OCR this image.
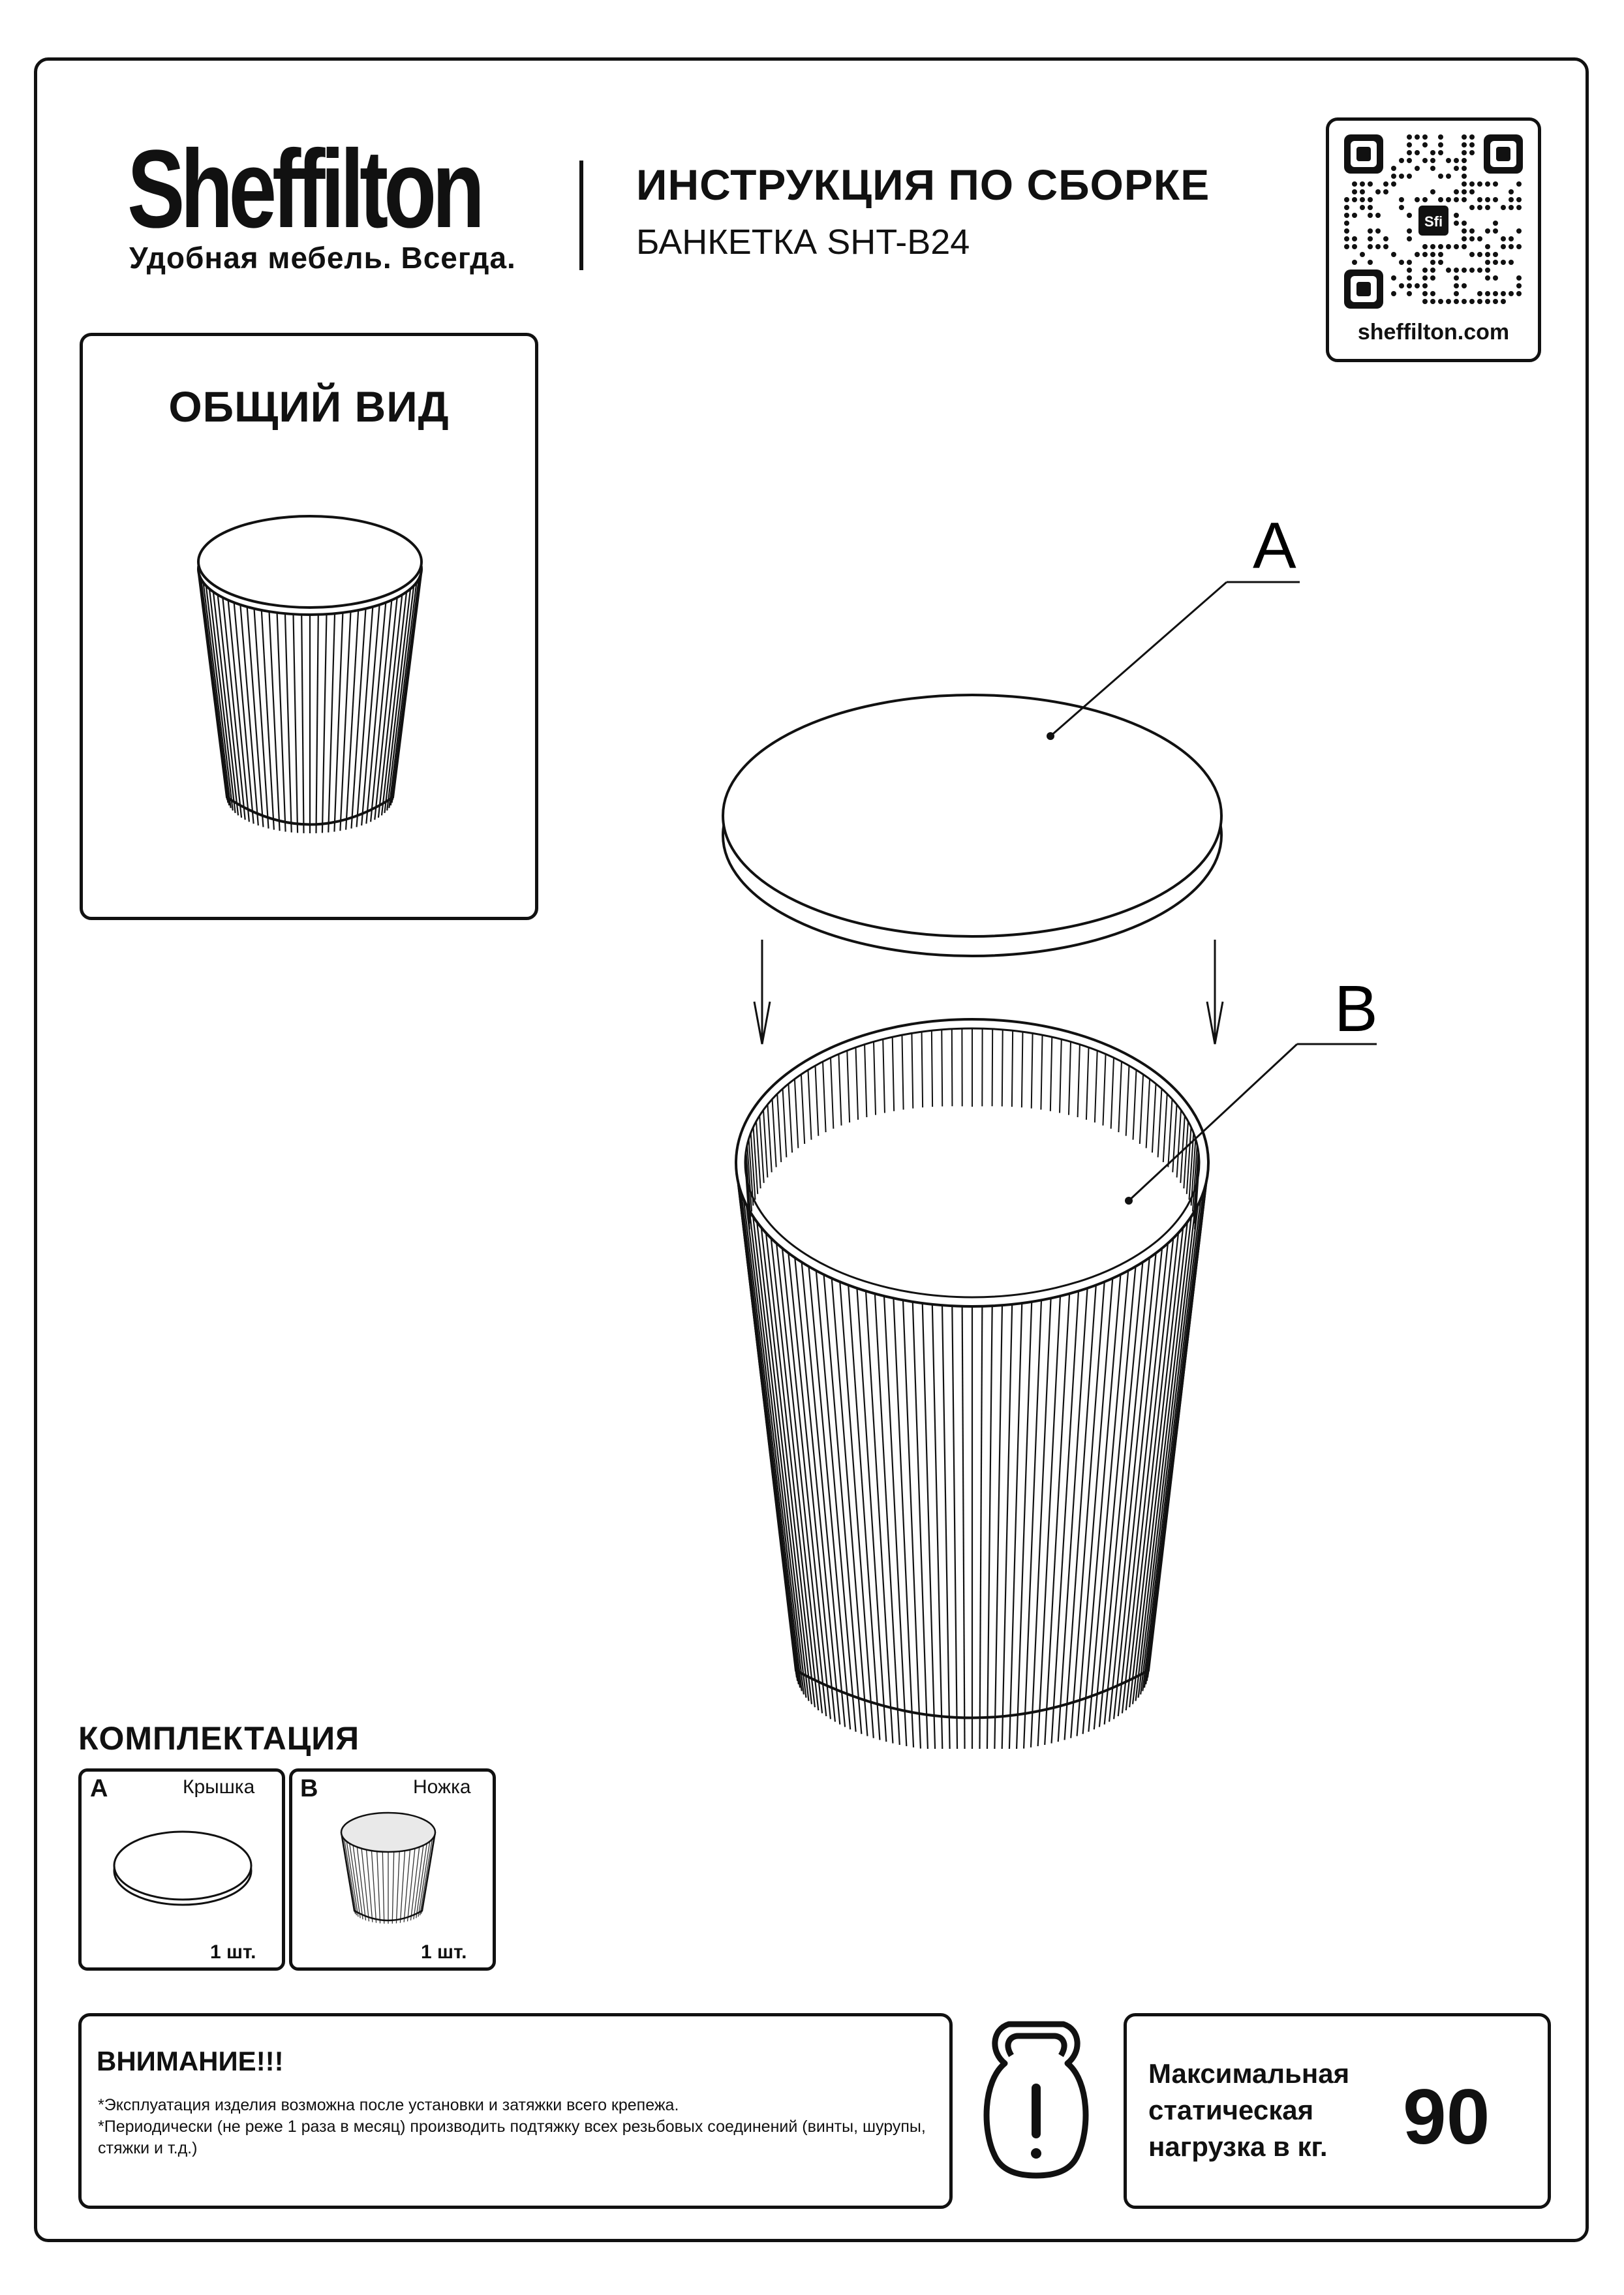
Sheffilton
Удобная мебель. Всегда.
ИНСТРУКЦИЯ ПО СБОРКЕ
БАНКЕТКА SHT-B24
Sfi
sheffilton.com
ОБЩИЙ ВИД
A
B
КОМПЛЕКТАЦИЯ
A	Крышка
1 шт.
B	Ножка
1 шт.
ВНИМАНИЕ!!!
*Эксплуатация изделия возможна после установки и затяжки всего крепежа.
*Периодически (не реже 1 раза в месяц) производить подтяжку всех резьбовых соединений (винты, шурупы, стяжки и т.д.)
Максимальная
статическая
нагрузка в кг. 90
